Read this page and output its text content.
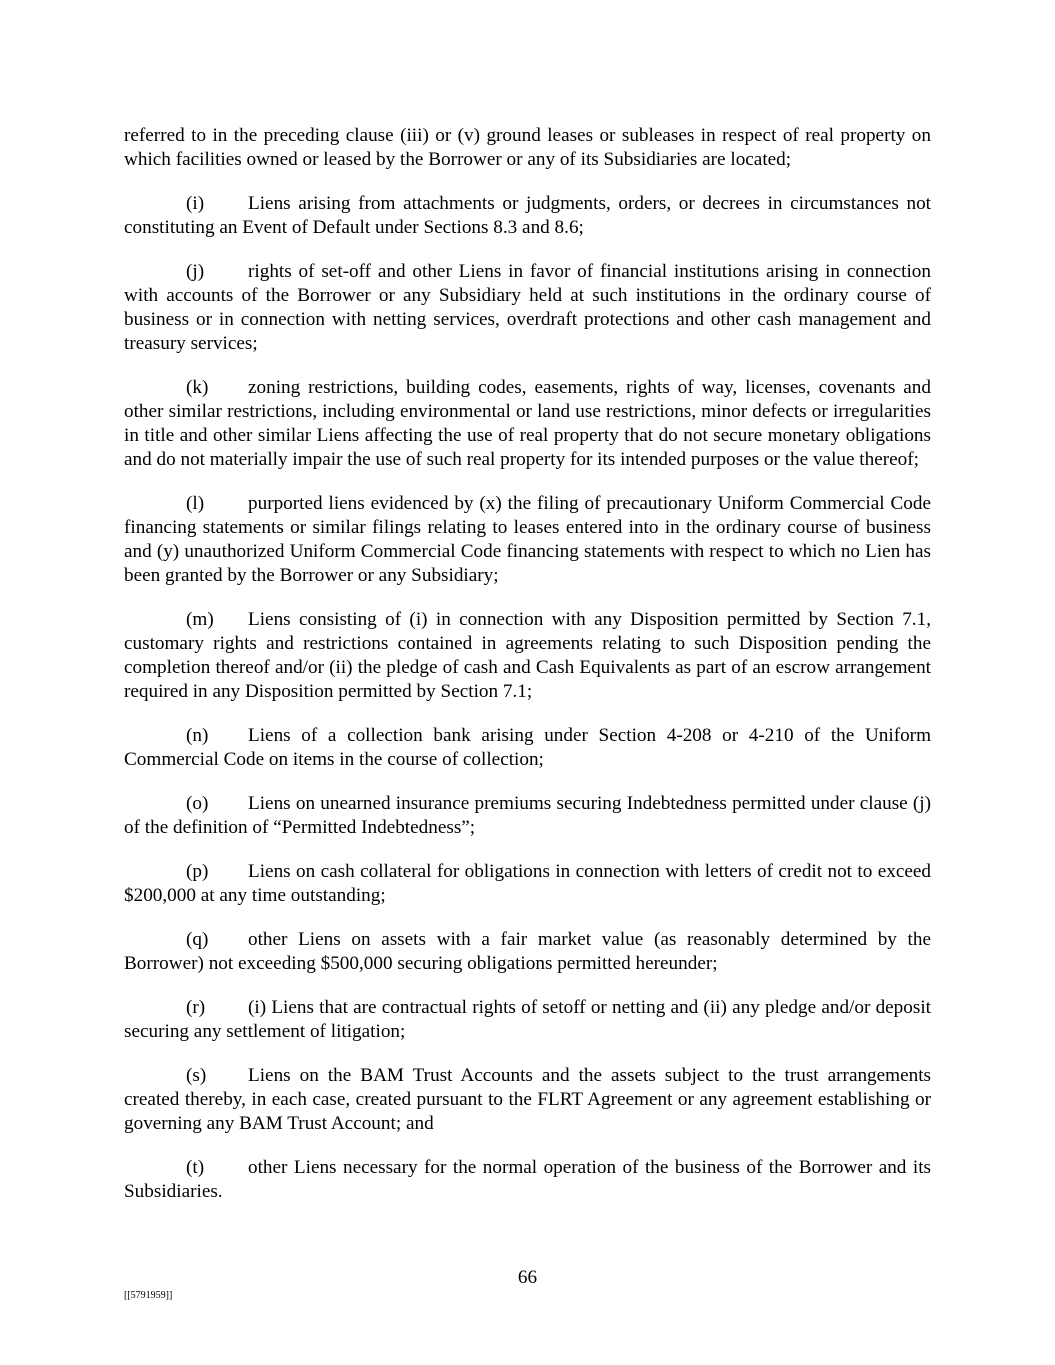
referred to in the preceding clause (iii) or (v) ground leases or subleases in respect of real property on which facilities owned or leased by the Borrower or any of its Subsidiaries are located;

(i) Liens arising from attachments or judgments, orders, or decrees in circumstances not constituting an Event of Default under Sections 8.3 and 8.6;

(j) rights of set-off and other Liens in favor of financial institutions arising in connection with accounts of the Borrower or any Subsidiary held at such institutions in the ordinary course of business or in connection with netting services, overdraft protections and other cash management and treasury services;

(k) zoning restrictions, building codes, easements, rights of way, licenses, covenants and other similar restrictions, including environmental or land use restrictions, minor defects or irregularities in title and other similar Liens affecting the use of real property that do not secure monetary obligations and do not materially impair the use of such real property for its intended purposes or the value thereof;

(l) purported liens evidenced by (x) the filing of precautionary Uniform Commercial Code financing statements or similar filings relating to leases entered into in the ordinary course of business and (y) unauthorized Uniform Commercial Code financing statements with respect to which no Lien has been granted by the Borrower or any Subsidiary;

(m) Liens consisting of (i) in connection with any Disposition permitted by Section 7.1, customary rights and restrictions contained in agreements relating to such Disposition pending the completion thereof and/or (ii) the pledge of cash and Cash Equivalents as part of an escrow arrangement required in any Disposition permitted by Section 7.1;

(n) Liens of a collection bank arising under Section 4-208 or 4-210 of the Uniform Commercial Code on items in the course of collection;

(o) Liens on unearned insurance premiums securing Indebtedness permitted under clause (j) of the definition of “Permitted Indebtedness”;

(p) Liens on cash collateral for obligations in connection with letters of credit not to exceed $200,000 at any time outstanding;

(q) other Liens on assets with a fair market value (as reasonably determined by the Borrower) not exceeding $500,000 securing obligations permitted hereunder;

(r) (i) Liens that are contractual rights of setoff or netting and (ii) any pledge and/or deposit securing any settlement of litigation;

(s) Liens on the BAM Trust Accounts and the assets subject to the trust arrangements created thereby, in each case, created pursuant to the FLRT Agreement or any agreement establishing or governing any BAM Trust Account; and

(t) other Liens necessary for the normal operation of the business of the Borrower and its Subsidiaries.

66
[[5791959]]
